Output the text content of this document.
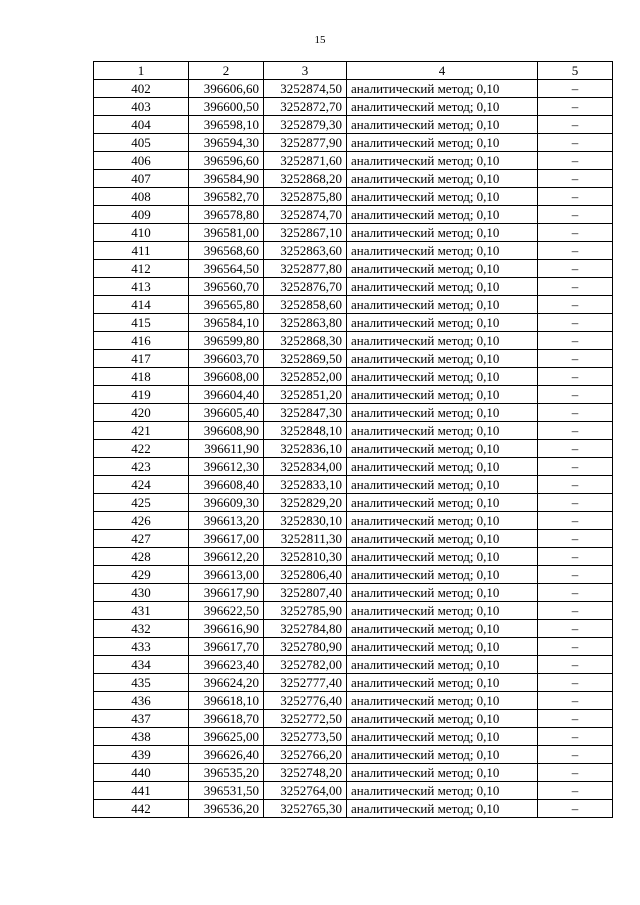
15
1	2	3	4	5
402	396606,60	3252874,50	аналитический метод; 0,10	–
403	396600,50	3252872,70	аналитический метод; 0,10	–
404	396598,10	3252879,30	аналитический метод; 0,10	–
405	396594,30	3252877,90	аналитический метод; 0,10	–
406	396596,60	3252871,60	аналитический метод; 0,10	–
407	396584,90	3252868,20	аналитический метод; 0,10	–
408	396582,70	3252875,80	аналитический метод; 0,10	–
409	396578,80	3252874,70	аналитический метод; 0,10	–
410	396581,00	3252867,10	аналитический метод; 0,10	–
411	396568,60	3252863,60	аналитический метод; 0,10	–
412	396564,50	3252877,80	аналитический метод; 0,10	–
413	396560,70	3252876,70	аналитический метод; 0,10	–
414	396565,80	3252858,60	аналитический метод; 0,10	–
415	396584,10	3252863,80	аналитический метод; 0,10	–
416	396599,80	3252868,30	аналитический метод; 0,10	–
417	396603,70	3252869,50	аналитический метод; 0,10	–
418	396608,00	3252852,00	аналитический метод; 0,10	–
419	396604,40	3252851,20	аналитический метод; 0,10	–
420	396605,40	3252847,30	аналитический метод; 0,10	–
421	396608,90	3252848,10	аналитический метод; 0,10	–
422	396611,90	3252836,10	аналитический метод; 0,10	–
423	396612,30	3252834,00	аналитический метод; 0,10	–
424	396608,40	3252833,10	аналитический метод; 0,10	–
425	396609,30	3252829,20	аналитический метод; 0,10	–
426	396613,20	3252830,10	аналитический метод; 0,10	–
427	396617,00	3252811,30	аналитический метод; 0,10	–
428	396612,20	3252810,30	аналитический метод; 0,10	–
429	396613,00	3252806,40	аналитический метод; 0,10	–
430	396617,90	3252807,40	аналитический метод; 0,10	–
431	396622,50	3252785,90	аналитический метод; 0,10	–
432	396616,90	3252784,80	аналитический метод; 0,10	–
433	396617,70	3252780,90	аналитический метод; 0,10	–
434	396623,40	3252782,00	аналитический метод; 0,10	–
435	396624,20	3252777,40	аналитический метод; 0,10	–
436	396618,10	3252776,40	аналитический метод; 0,10	–
437	396618,70	3252772,50	аналитический метод; 0,10	–
438	396625,00	3252773,50	аналитический метод; 0,10	–
439	396626,40	3252766,20	аналитический метод; 0,10	–
440	396535,20	3252748,20	аналитический метод; 0,10	–
441	396531,50	3252764,00	аналитический метод; 0,10	–
442	396536,20	3252765,30	аналитический метод; 0,10	–
